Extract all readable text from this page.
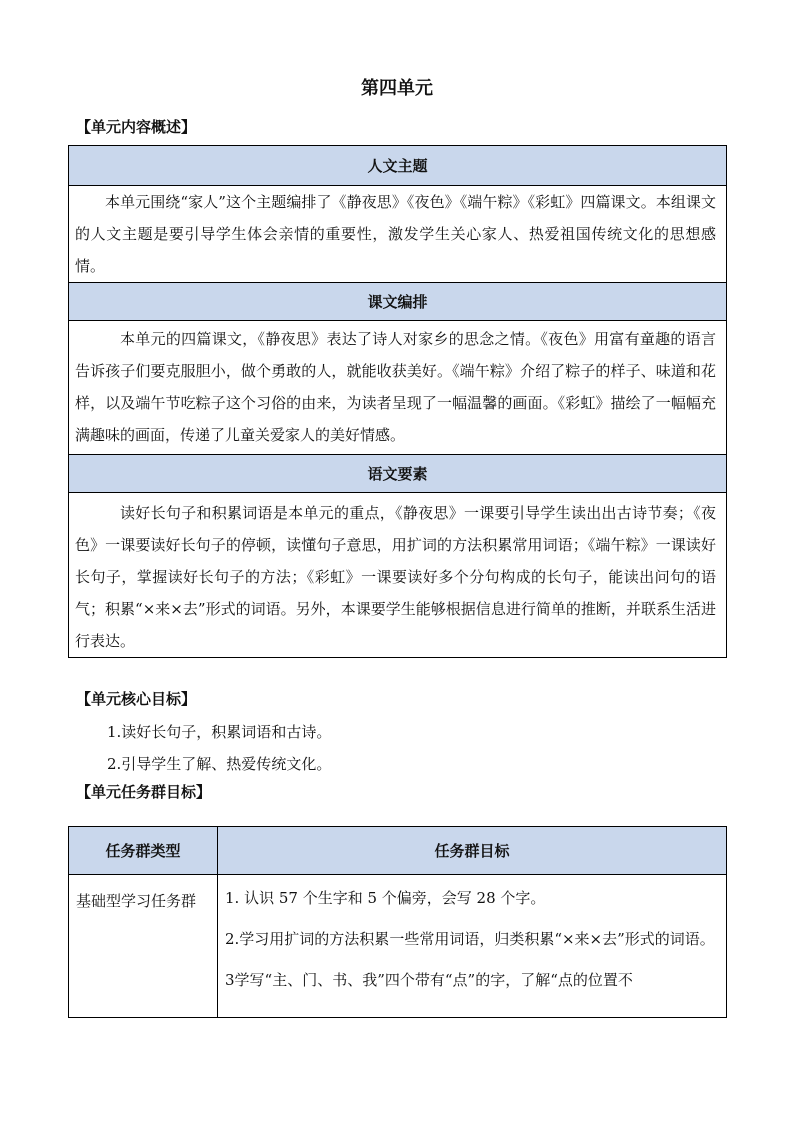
第四单元
【单元内容概述】
人文主题

本单元围绕“家人”这个主题编排了《静夜思》《夜色》《端午粽》《彩虹》四篇课文。本组课文的人文主题是要引导学生体会亲情的重要性，激发学生关心家人、热爱祖国传统文化的思想感情。

课文编排

本单元的四篇课文，《静夜思》表达了诗人对家乡的思念之情。《夜色》用富有童趣的语言告诉孩子们要克服胆小，做个勇敢的人，就能收获美好。《端午粽》介绍了粽子的样子、味道和花样，以及端午节吃粽子这个习俗的由来，为读者呈现了一幅温馨的画面。《彩虹》描绘了一幅幅充满趣味的画面，传递了儿童关爱家人的美好情感。

语文要素

读好长句子和积累词语是本单元的重点，《静夜思》一课要引导学生读出出古诗节奏；《夜色》一课要读好长句子的停顿，读懂句子意思，用扩词的方法积累常用词语；《端午粽》一课读好长句子，掌握读好长句子的方法；《彩虹》一课要读好多个分句构成的长句子，能读出问句的语气；积累“×来×去”形式的词语。另外，本课要学生能够根据信息进行简单的推断，并联系生活进行表达。
【单元核心目标】
1.读好长句子，积累词语和古诗。
2.引导学生了解、热爱传统文化。
【单元任务群目标】
任务群类型	任务群目标
基础型学习任务群	1. 认识 57 个生字和 5 个偏旁，会写 28 个字。
2.学习用扩词的方法积累一些常用词语，归类积累“×来×去”形式的词语。
3学写“主、门、书、我”四个带有“点”的字，了解“点的位置不
